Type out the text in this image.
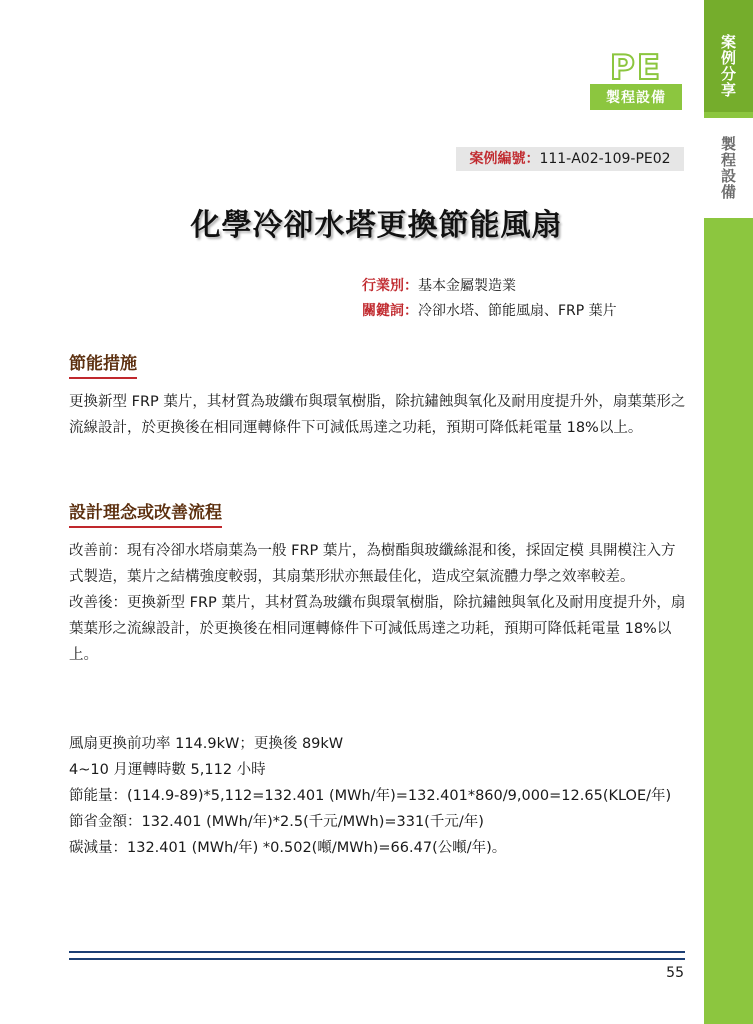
案例分享
製程設備
PE
製程設備
案例編號：111-A02-109-PE02
化學冷卻水塔更換節能風扇
行業別：基本金屬製造業
關鍵詞：冷卻水塔、節能風扇、FRP 葉片
節能措施

更換新型 FRP 葉片，其材質為玻纖布與環氧樹脂，除抗鏽蝕與氧化及耐用度提升外，扇葉葉形之流線設計，於更換後在相同運轉條件下可減低馬達之功耗，預期可降低耗電量 18%以上。

設計理念或改善流程

改善前：現有冷卻水塔扇葉為一般 FRP 葉片，為樹酯與玻纖絲混和後，採固定模 具開模注入方式製造，葉片之結構強度較弱，其扇葉形狀亦無最佳化，造成空氣流體力學之效率較差。

改善後：更換新型 FRP 葉片，其材質為玻纖布與環氧樹脂，除抗鏽蝕與氧化及耐用度提升外，扇葉葉形之流線設計，於更換後在相同運轉條件下可減低馬達之功耗，預期可降低耗電量 18%以上。

風扇更換前功率 114.9kW；更換後 89kW
4~10 月運轉時數 5,112 小時
節能量：(114.9-89)*5,112=132.401 (MWh/年)=132.401*860/9,000=12.65(KLOE/年)
節省金額：132.401 (MWh/年)*2.5(千元/MWh)=331(千元/年)
碳減量：132.401 (MWh/年) *0.502(噸/MWh)=66.47(公噸/年)。
55
